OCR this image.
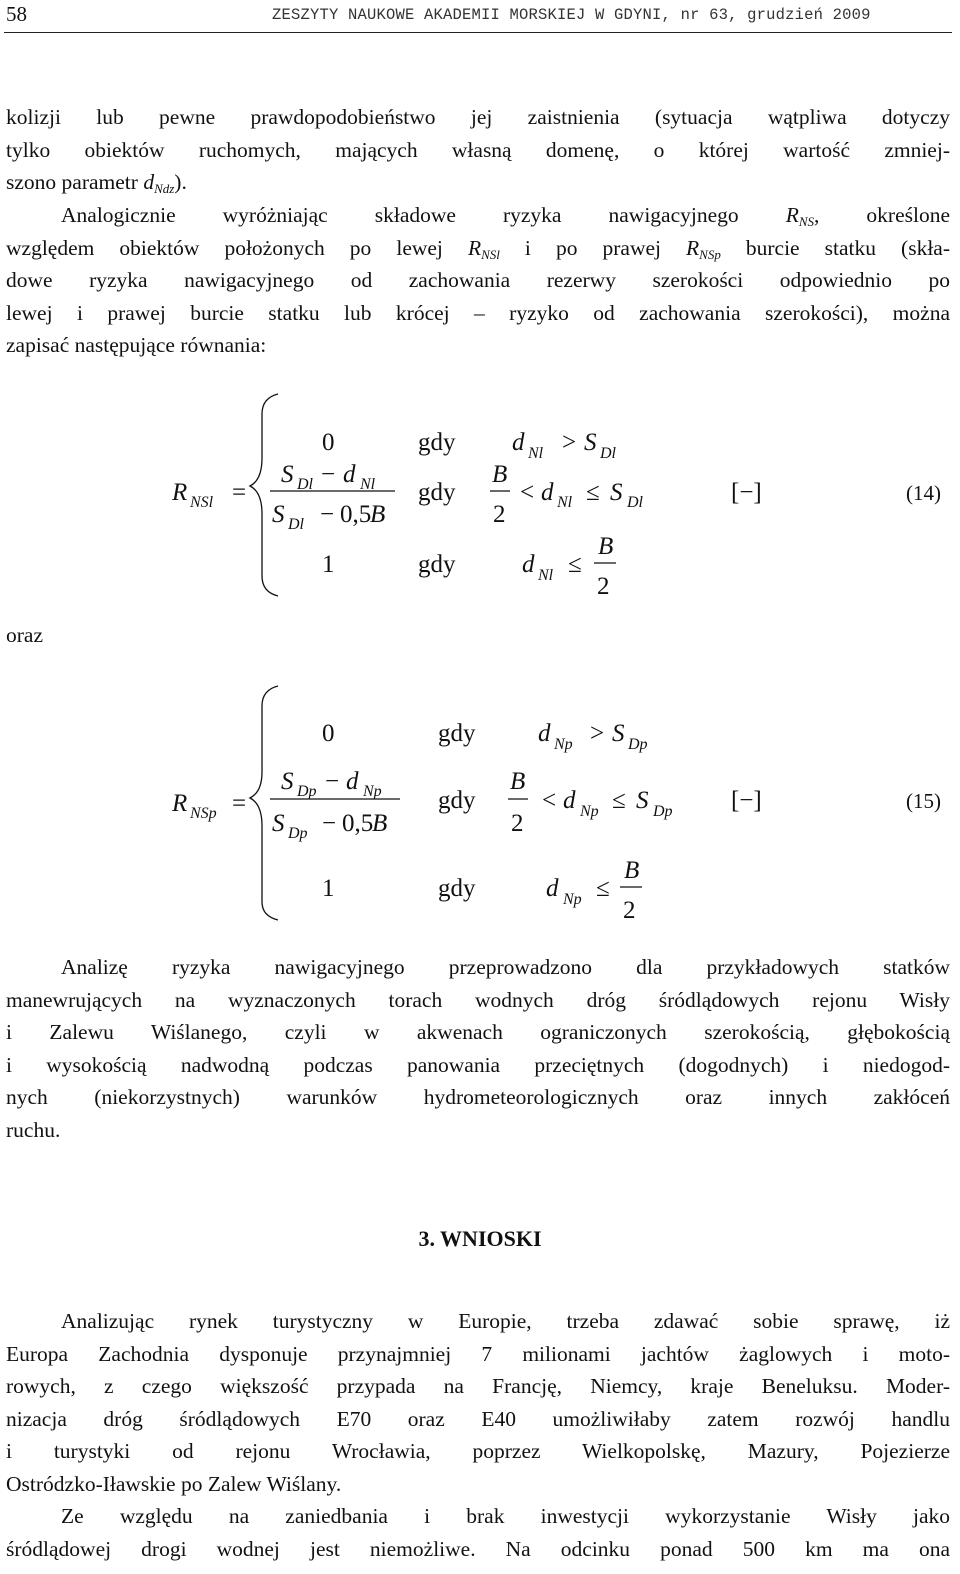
58	ZESZYTY NAUKOWE AKADEMII MORSKIEJ W GDYNI, nr 63, grudzień 2009

kolizji lub pewne prawdopodobieństwo jej zaistnienia (sytuacja wątpliwa dotyczy
tylko obiektów ruchomych, mających własną domenę, o której wartość zmniej-
szono parametr $d_{Ndz}$).

Analogicznie wyróżniając składowe ryzyka nawigacyjnego $R_{NS}$, określone
względem obiektów położonych po lewej $R_{NSl}$ i po prawej $R_{NSp}$ burcie statku (skła-
dowe ryzyka nawigacyjnego od zachowania rezerwy szerokości odpowiednio po
lewej i prawej burcie statku lub krócej – ryzyko od zachowania szerokości), można
zapisać następujące równania:

R NSl =
0	gdy d Nl > S Dl
S Dl − d Nl
S Dl − 0,5
B
gdy
B
2
< d Nl ≤ S Dl	[−]	(14)
1	gdy	d Nl ≤
B
2
oraz
R NSp =
0	gdy	d Np > S Dp
S Dp − d Np
S Dp − 0,5
B
gdy
B
2
< d Np ≤ S Dp [−]	(15)
1	gdy	d Np ≤
B
2

Analizę ryzyka nawigacyjnego przeprowadzono dla przykładowych statków
manewrujących na wyznaczonych torach wodnych dróg śródlądowych rejonu Wisły
i Zalewu Wiślanego, czyli w akwenach ograniczonych szerokością, głębokością
i wysokością nadwodną podczas panowania przeciętnych (dogodnych) i niedogod-
nych (niekorzystnych) warunków hydrometeorologicznych oraz innych zakłóceń
ruchu.

3. WNIOSKI

Analizując rynek turystyczny w Europie, trzeba zdawać sobie sprawę, iż
Europa Zachodnia dysponuje przynajmniej 7 milionami jachtów żaglowych i moto-
rowych, z czego większość przypada na Francję, Niemcy, kraje Beneluksu. Moder-
nizacja dróg śródlądowych E70 oraz E40 umożliwiłaby zatem rozwój handlu
i turystyki od rejonu Wrocławia, poprzez Wielkopolskę, Mazury, Pojezierze
Ostródzko-Iławskie po Zalew Wiślany.

Ze względu na zaniedbania i brak inwestycji wykorzystanie Wisły jako
śródlądowej drogi wodnej jest niemożliwe. Na odcinku ponad 500 km ma ona
